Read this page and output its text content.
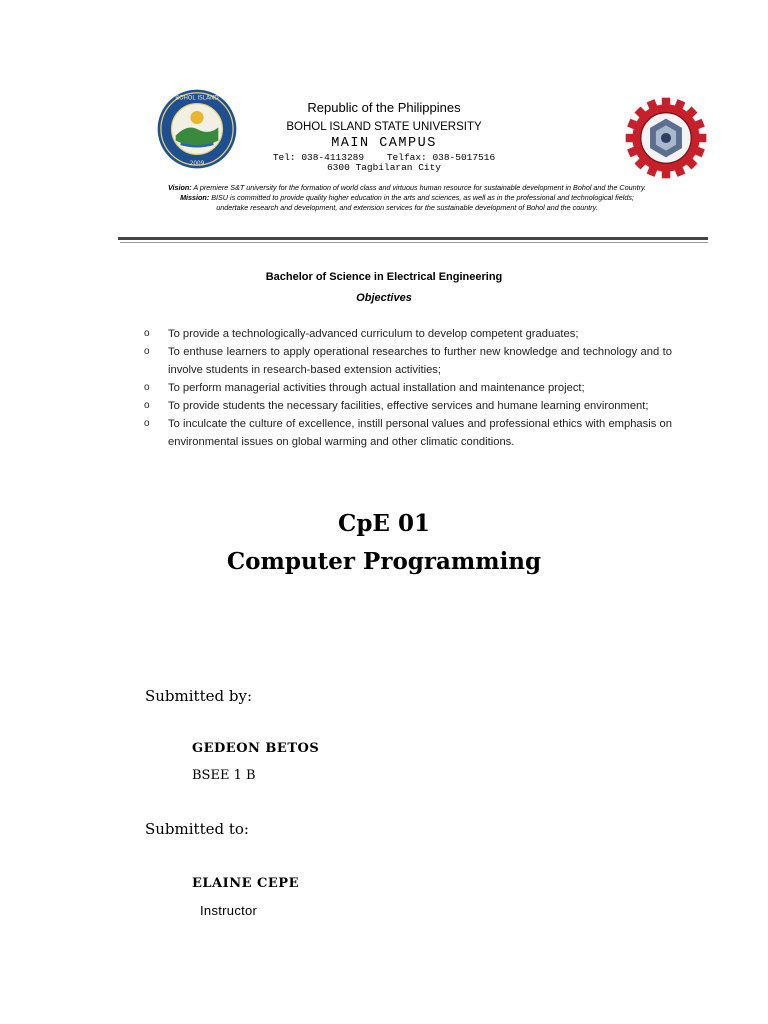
BOHOL ISLAND
2009
Republic of the Philippines
BOHOL ISLAND STATE UNIVERSITY
MAIN CAMPUS
Tel: 038-4113289    Telfax: 038-5017516
6300 Tagbilaran City
Vision: A premiere S&T university for the formation of world class and virtuous human resource for sustainable development in Bohol and the Country.
Mission: BISU is committed to provide quality higher education in the arts and sciences, as well as in the professional and technological fields;
undertake research and development, and extension services for the sustainable development of Bohol and the country.
Bachelor of Science in Electrical Engineering
Objectives
o To provide a technologically-advanced curriculum to develop competent graduates;
o To enthuse learners to apply operational researches to further new knowledge and technology and to involve students in research-based extension activities;
o To perform managerial activities through actual installation and maintenance project;
o To provide students the necessary facilities, effective services and humane learning environment;
o To inculcate the culture of excellence, instill personal values and professional ethics with emphasis on environmental issues on global warming and other climatic conditions.
CpE 01
Computer Programming
Submitted by:
GEDEON BETOS
BSEE 1 B
Submitted to:
ELAINE CEPE
Instructor
